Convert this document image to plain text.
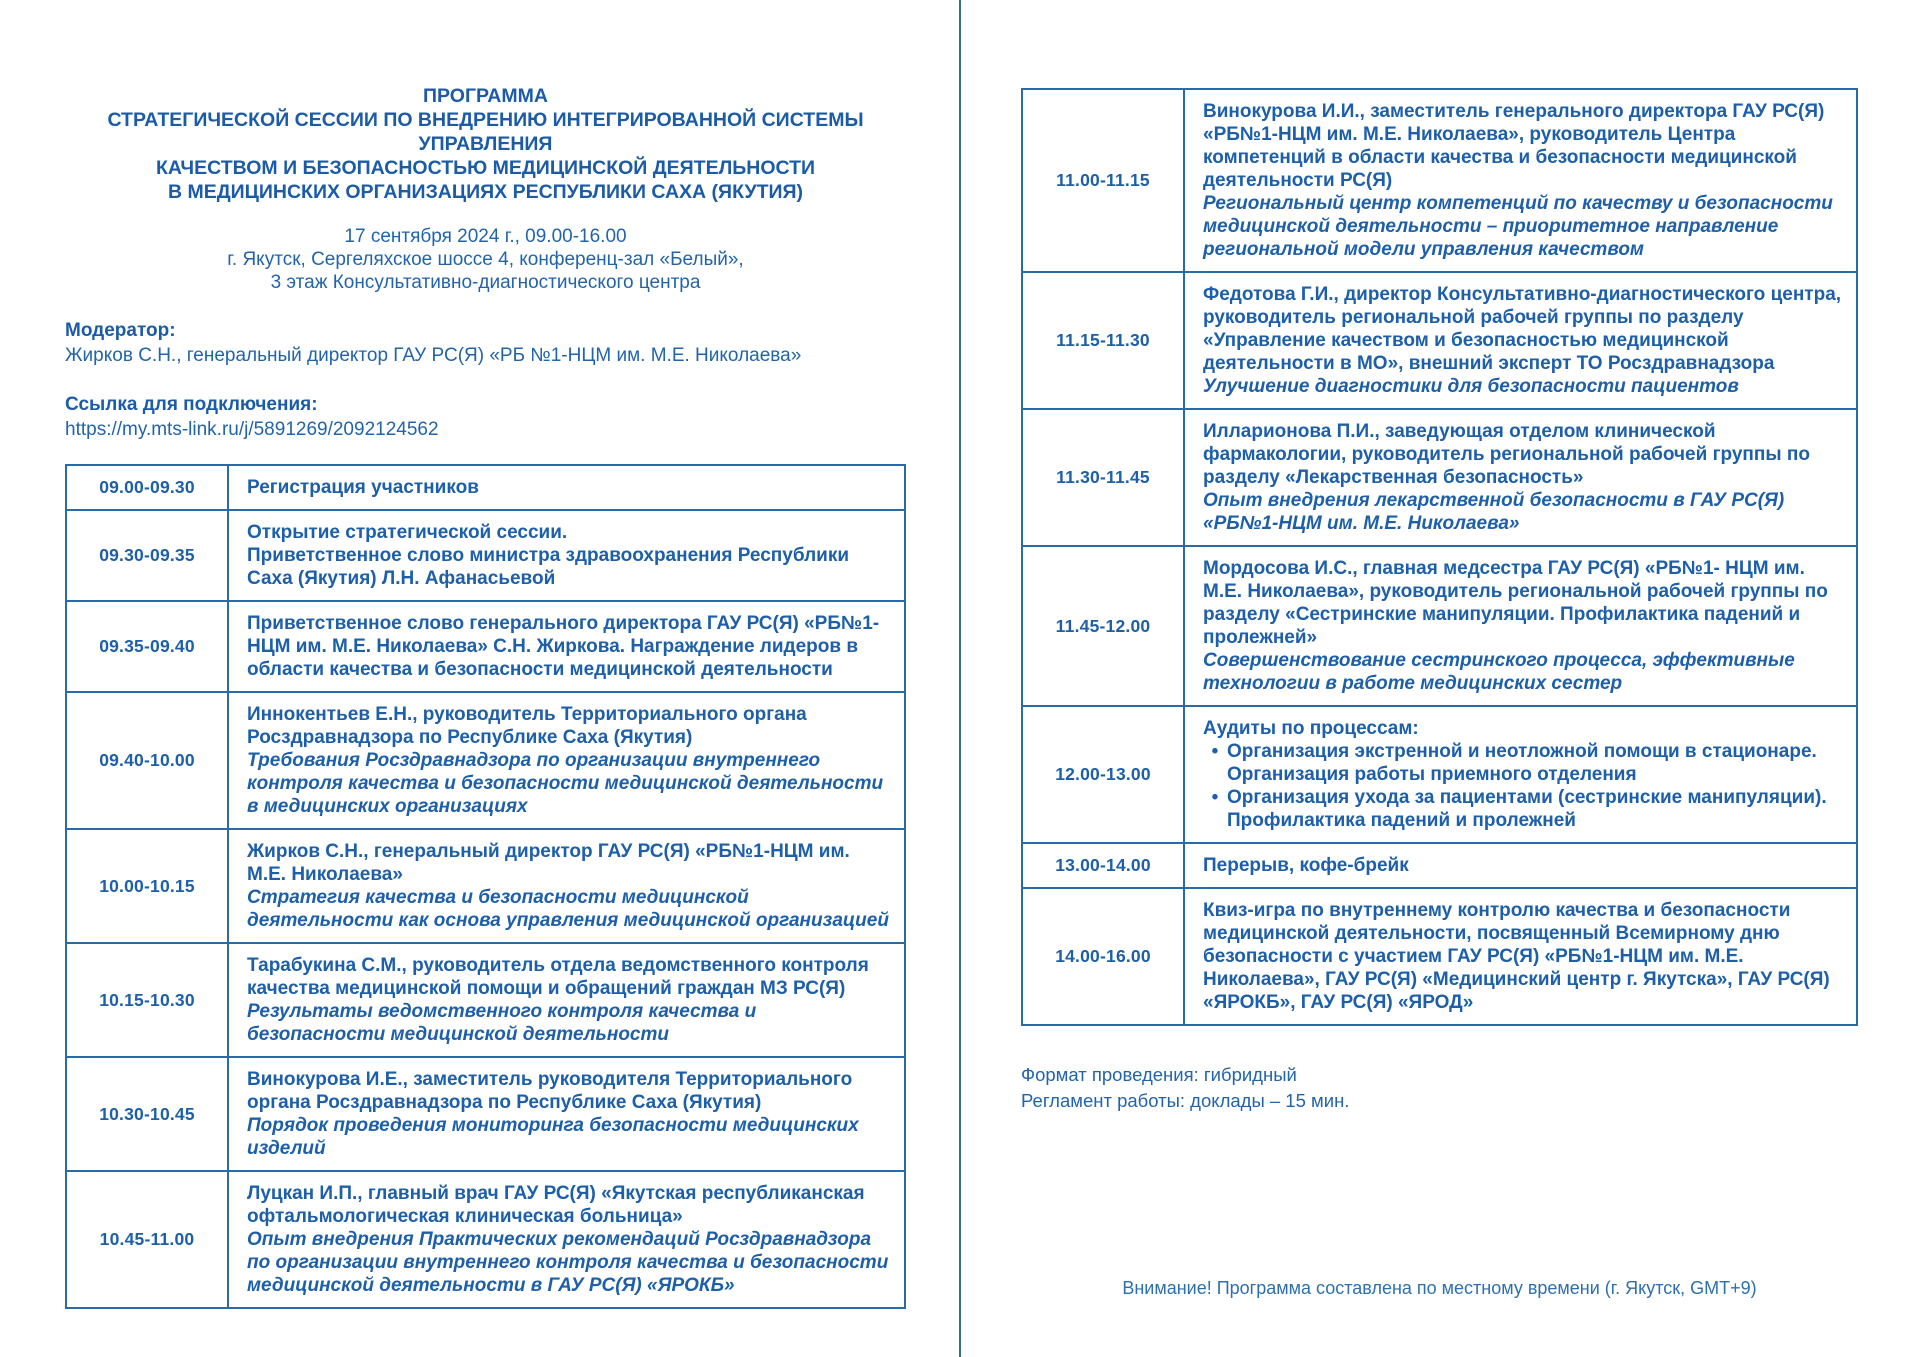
ПРОГРАММА
СТРАТЕГИЧЕСКОЙ СЕССИИ ПО ВНЕДРЕНИЮ ИНТЕГРИРОВАННОЙ СИСТЕМЫ УПРАВЛЕНИЯ
КАЧЕСТВОМ И БЕЗОПАСНОСТЬЮ МЕДИЦИНСКОЙ ДЕЯТЕЛЬНОСТИ
В МЕДИЦИНСКИХ ОРГАНИЗАЦИЯХ РЕСПУБЛИКИ САХА (ЯКУТИЯ)
17 сентября 2024 г., 09.00-16.00
г. Якутск, Сергеляхское шоссе 4, конференц-зал «Белый»,
3 этаж Консультативно-диагностического центра
Модератор:
Жирков С.Н., генеральный директор ГАУ РС(Я) «РБ №1-НЦМ им. М.Е. Николаева»
Ссылка для подключения:
https://my.mts-link.ru/j/5891269/2092124562
09.00-09.30	Регистрация участников

09.30-09.35	Открытие стратегической сессии.
Приветственное слово министра здравоохранения Республики Саха (Якутия) Л.Н. Афанасьевой

09.35-09.40	Приветственное слово генерального директора ГАУ РС(Я) «РБ№1-НЦМ им. М.Е. Николаева» С.Н. Жиркова. Награждение лидеров в области качества и безопасности медицинской деятельности

09.40-10.00	Иннокентьев Е.Н., руководитель Территориального органа Росздравнадзора по Республике Саха (Якутия)
Требования Росздравнадзора по организации внутреннего контроля качества и безопасности медицинской деятельности в медицинских организациях

10.00-10.15	Жирков С.Н., генеральный директор ГАУ РС(Я) «РБ№1-НЦМ им. М.Е. Николаева»
Стратегия качества и безопасности медицинской деятельности как основа управления медицинской организацией

10.15-10.30	Тарабукина С.М., руководитель отдела ведомственного контроля качества медицинской помощи и обращений граждан МЗ РС(Я)
Результаты ведомственного контроля качества и безопасности медицинской деятельности

10.30-10.45	Винокурова И.Е., заместитель руководителя Территориального органа Росздравнадзора по Республике Саха (Якутия)
Порядок проведения мониторинга безопасности медицинских изделий

10.45-11.00	Луцкан И.П., главный врач ГАУ РС(Я) «Якутская республиканская офтальмологическая клиническая больница»
Опыт внедрения Практических рекомендаций Росздравнадзора по организации внутреннего контроля качества и безопасности медицинской деятельности в ГАУ РС(Я) «ЯРОКБ»
11.00-11.15	Винокурова И.И., заместитель генерального директора ГАУ РС(Я) «РБ№1-НЦМ им. М.Е. Николаева», руководитель Центра компетенций в области качества и безопасности медицинской деятельности РС(Я)
Региональный центр компетенций по качеству и безопасности медицинской деятельности – приоритетное направление региональной модели управления качеством

11.15-11.30	Федотова Г.И., директор Консультативно-диагностического центра, руководитель региональной рабочей группы по разделу «Управление качеством и безопасностью медицинской деятельности в МО», внешний эксперт ТО Росздравнадзора
Улучшение диагностики для безопасности пациентов

11.30-11.45	Илларионова П.И., заведующая отделом клинической фармакологии, руководитель региональной рабочей группы по разделу «Лекарственная безопасность»
Опыт внедрения лекарственной безопасности в ГАУ РС(Я) «РБ№1-НЦМ им. М.Е. Николаева»

11.45-12.00	Мордосова И.С., главная медсестра ГАУ РС(Я) «РБ№1- НЦМ им. М.Е. Николаева», руководитель региональной рабочей группы по разделу «Сестринские манипуляции. Профилактика падений и пролежней»
Совершенствование сестринского процесса, эффективные технологии в работе медицинских сестер

12.00-13.00	Аудиты по процессам:
• Организация экстренной и неотложной помощи в стационаре. Организация работы приемного отделения
• Организация ухода за пациентами (сестринские манипуляции). Профилактика падений и пролежней

13.00-14.00	Перерыв, кофе-брейк

14.00-16.00	Квиз-игра по внутреннему контролю качества и безопасности медицинской деятельности, посвященный Всемирному дню безопасности с участием ГАУ РС(Я) «РБ№1-НЦМ им. М.Е. Николаева», ГАУ РС(Я) «Медицинский центр г. Якутска», ГАУ РС(Я) «ЯРОКБ», ГАУ РС(Я) «ЯРОД»
Формат проведения: гибридный
Регламент работы: доклады – 15 мин.
Внимание! Программа составлена по местному времени (г. Якутск, GMT+9)
